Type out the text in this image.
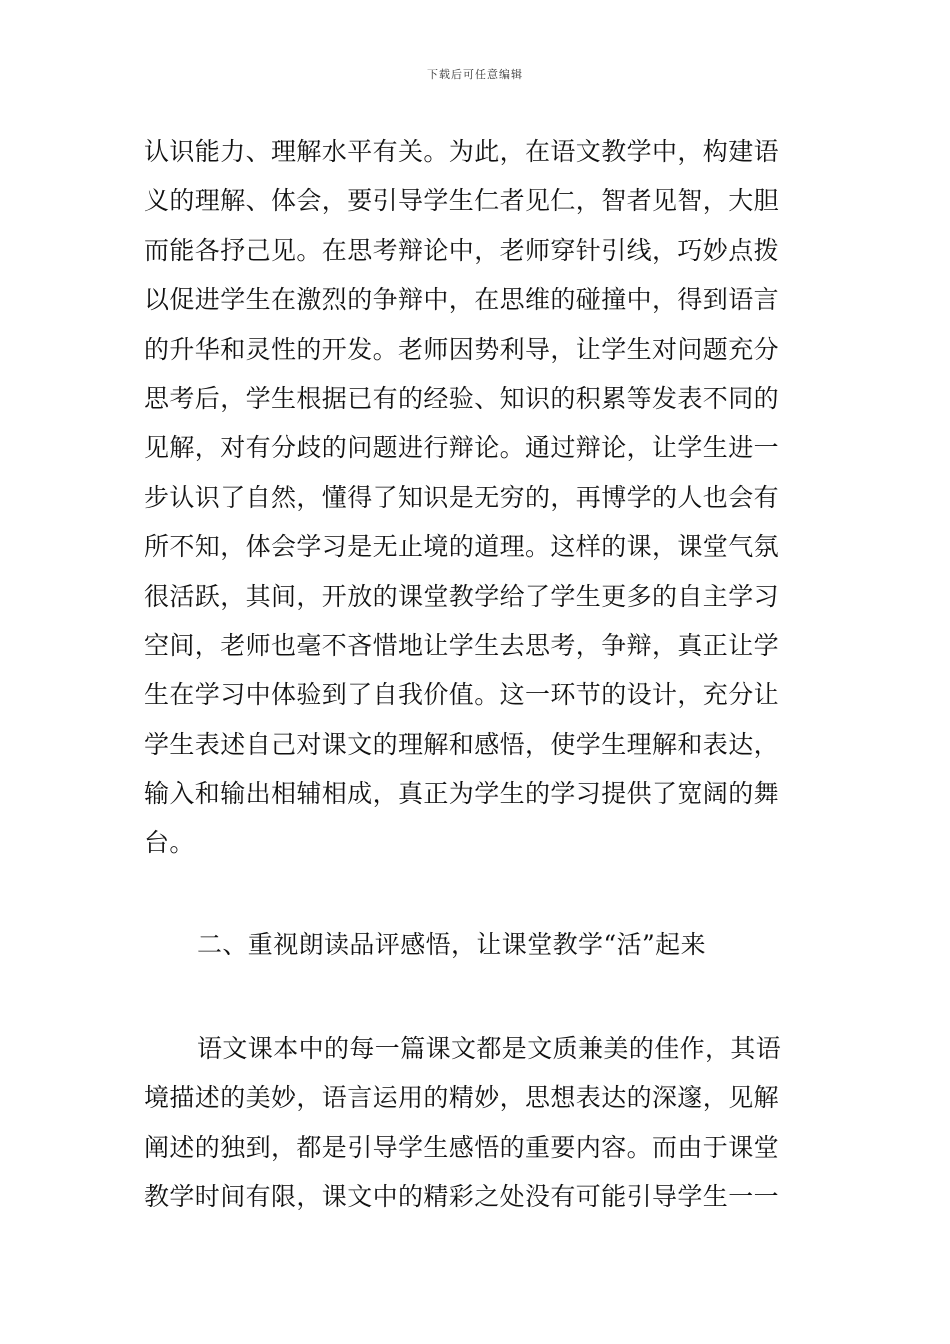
下载后可任意编辑
认识能力、理解水平有关。为此，在语文教学中，构建语
义的理解、体会，要引导学生仁者见仁，智者见智，大胆
而能各抒己见。在思考辩论中，老师穿针引线，巧妙点拨
以促进学生在激烈的争辩中，在思维的碰撞中，得到语言
的升华和灵性的开发。老师因势利导，让学生对问题充分
思考后，学生根据已有的经验、知识的积累等发表不同的
见解，对有分歧的问题进行辩论。通过辩论，让学生进一
步认识了自然，懂得了知识是无穷的，再博学的人也会有
所不知，体会学习是无止境的道理。这样的课，课堂气氛
很活跃，其间，开放的课堂教学给了学生更多的自主学习
空间，老师也毫不吝惜地让学生去思考，争辩，真正让学
生在学习中体验到了自我价值。这一环节的设计，充分让
学生表述自己对课文的理解和感悟，使学生理解和表达，
输入和输出相辅相成，真正为学生的学习提供了宽阔的舞
台。
二、重视朗读品评感悟，让课堂教学“活”起来
语文课本中的每一篇课文都是文质兼美的佳作，其语
境描述的美妙，语言运用的精妙，思想表达的深邃，见解
阐述的独到，都是引导学生感悟的重要内容。而由于课堂
教学时间有限，课文中的精彩之处没有可能引导学生一一
